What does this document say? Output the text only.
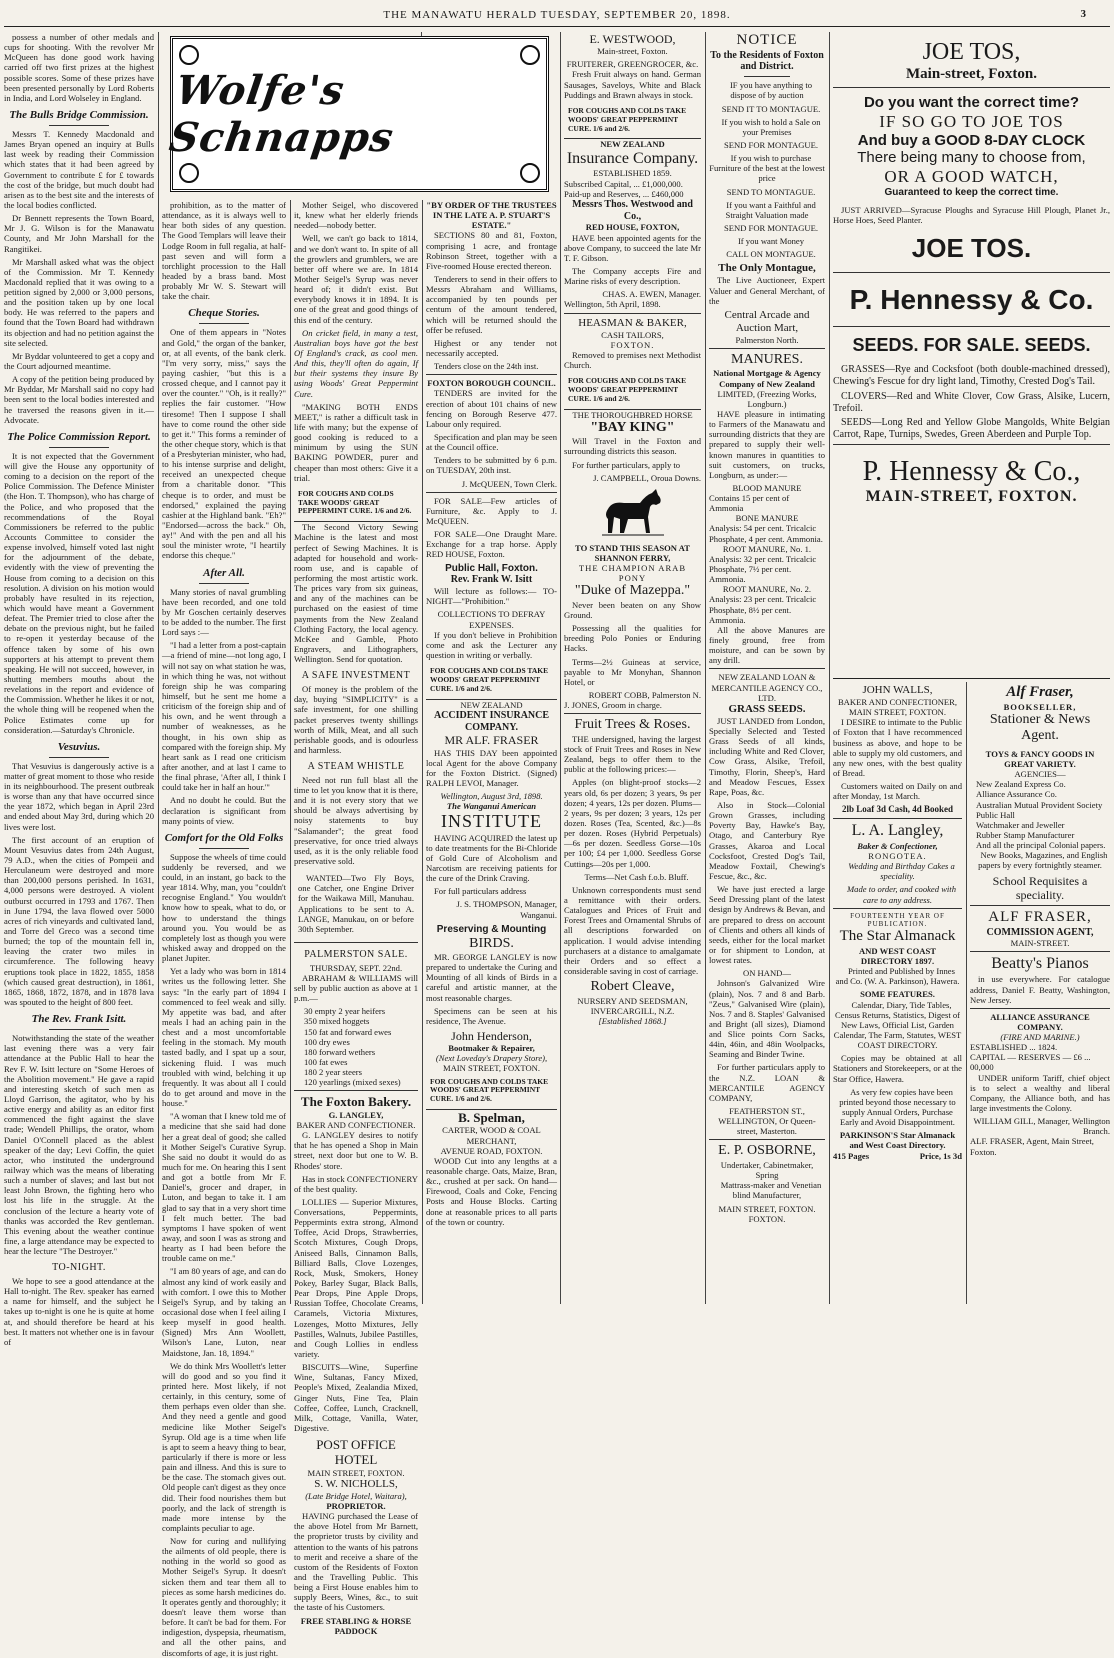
THE MANAWATU HERALD TUESDAY, SEPTEMBER 20, 1898.	3

possess a number of other medals and cups for shooting. With the revolver Mr McQueen has done good work having carried off two first prizes at the highest possible scores. Some of these prizes have been presented personally by Lord Roberts in India, and Lord Wolseley in England.

The Bulls Bridge Commission.

Messrs T. Kennedy Macdonald and James Bryan opened an inquiry at Bulls last week by reading their Commission which states that it had been agreed by Government to contribute £ for £ towards the cost of the bridge, but much doubt had arisen as to the best site and the interests of the local bodies conflicted.

Dr Bennett represents the Town Board, Mr J. G. Wilson is for the Manawatu County, and Mr John Marshall for the Rangitikei.

Mr Marshall asked what was the object of the Commission. Mr T. Kennedy Macdonald replied that it was owing to a petition signed by 2,000 or 3,000 persons, and the position taken up by one local body. He was referred to the papers and found that the Town Board had withdrawn its objection and had no petition against the site selected.

Mr Byddar volunteered to get a copy and the Court adjourned meantime.

A copy of the petition being produced by Mr Byddar, Mr Marshall said no copy had been sent to the local bodies interested and he traversed the reasons given in it.—Advocate.

The Police Commission Report.

It is not expected that the Government will give the House any opportunity of coming to a decision on the report of the Police Commission. The Defence Minister (the Hon. T. Thompson), who has charge of the Police, and who proposed that the recommendations of the Royal Commissioners be referred to the public Accounts Committee to consider the expense involved, himself voted last night for the adjournment of the debate, evidently with the view of preventing the House from coming to a decision on this resolution. A division on his motion would probably have resulted in its rejection, which would have meant a Government defeat. The Premier tried to close after the debate on the previous night, but he failed to re-open it yesterday because of the offence taken by some of his own supporters at his attempt to prevent them speaking. He will not succeed, however, in shutting members mouths about the revelations in the report and evidence of the Commission. Whether he likes it or not, the whole thing will be reopened when the Police Estimates come up for consideration.—Saturday's Chronicle.

Vesuvius.

That Vesuvius is dangerously active is a matter of great moment to those who reside in its neighbourhood. The present outbreak is worse than any that have occurred since the year 1872, which began in April 23rd and ended about May 3rd, during which 20 lives were lost.

The first account of an eruption of Mount Vesuvius dates from 24th August, 79 A.D., when the cities of Pompeii and Herculaneum were destroyed and more than 200,000 persons perished. In 1631, 4,000 persons were destroyed. A violent outburst occurred in 1793 and 1767. Then in June 1794, the lava flowed over 5000 acres of rich vineyards and cultivated land, and Torre del Greco was a second time burned; the top of the mountain fell in, leaving the crater two miles in circumference. The following heavy eruptions took place in 1822, 1855, 1858 (which caused great destruction), in 1861, 1865, 1868, 1872, 1878, and in 1878 lava was spouted to the height of 800 feet.

The Rev. Frank Isitt.

Notwithstanding the state of the weather last evening there was a very fair attendance at the Public Hall to hear the Rev F. W. Isitt lecture on "Some Heroes of the Abolition movement." He gave a rapid and interesting sketch of such men as Lloyd Garrison, the agitator, who by his active energy and ability as an editor first commenced the fight against the slave trade; Wendell Phillips, the orator, whom Daniel O'Connell placed as the ablest speaker of the day; Levi Coffin, the quiet actor, who instituted the underground railway which was the means of liberating such a number of slaves; and last but not least John Brown, the fighting hero who lost his life in the struggle. At the conclusion of the lecture a hearty vote of thanks was accorded the Rev gentleman. This evening about the weather continue fine, a large attendance may be expected to hear the lecture "The Destroyer."

TO-NIGHT.

We hope to see a good attendance at the Hall to-night. The Rev. speaker has earned a name for himself, and the subject he takes up to-night is one he is quite at home at, and should therefore be heard at his best. It matters not whether one is in favour of

Wolfe's Schnapps

prohibition, as to the matter of attendance, as it is always well to hear both sides of any question. The Good Templars will leave their Lodge Room in full regalia, at half-past seven and will form a torchlight procession to the Hall headed by a brass band. Most probably Mr W. S. Stewart will take the chair.

Cheque Stories.

One of them appears in "Notes and Gold," the organ of the banker, or, at all events, of the bank clerk. "I'm very sorry, miss," says the paying cashier, "but this is a crossed cheque, and I cannot pay it over the counter." "Oh, is it really?" replies the fair customer. "How tiresome! Then I suppose I shall have to come round the other side to get it." This forms a reminder of the other cheque story, which is that of a Presbyterian minister, who had, to his intense surprise and delight, received an unexpected cheque from a charitable donor. "This cheque is to order, and must be endorsed," explained the paying cashier at the Highland bank. "Eh?" "Endorsed—across the back." Oh, ay!" And with the pen and all his soul the minister wrote, "I heartily endorse this cheque."

After All.

Many stories of naval grumbling have been recorded, and one told by Mr Goschen certainly deserves to be added to the number. The first Lord says :—

"I had a letter from a post-captain—a friend of mine—not long ago, I will not say on what station he was, in which thing he was, not without foreign ship he was comparing himself, but he sent me home a criticism of the foreign ship and of his own, and he went through a number of weaknesses, as he thought, in his own ship as compared with the foreign ship. My heart sank as I read one criticism after another, and at last I came to the final phrase, 'After all, I think I could take her in half an hour.'"

And no doubt he could. But the declaration is significant from many points of view.

Comfort for the Old Folks

Suppose the wheels of time could suddenly be reversed, and we could, in an instant, go back to the year 1814. Why, man, you "couldn't recognise England." You wouldn't know how to speak, what to do, or how to understand the things around you. You would be as completely lost as though you were whisked away and dropped on the planet Jupiter.

Yet a lady who was born in 1814 writes us the following letter. She says: "In the early part of 1894 I commenced to feel weak and silly. My appetite was bad, and after meals I had an aching pain in the chest and a most uncomfortable feeling in the stomach. My mouth tasted badly, and I spat up a sour, sickening fluid. I was much troubled with wind, belching it up frequently. It was about all I could do to get around and move in the house."

"A woman that I knew told me of a medicine that she said had done her a great deal of good; she called it Mother Seigel's Curative Syrup. She said no doubt it would do as much for me. On hearing this I sent and got a bottle from Mr F. Daniel's, grocer and draper, in Luton, and began to take it. I am glad to say that in a very short time I felt much better. The bad symptoms I have spoken of went away, and soon I was as strong and hearty as I had been before the trouble came on me."

"I am 80 years of age, and can do almost any kind of work easily and with comfort. I owe this to Mother Seigel's Syrup, and by taking an occasional dose when I feel ailing I keep myself in good health. (Signed) Mrs Ann Woollett, Wilson's Lane, Luton, near Maidstone, Jan. 18, 1894."

We do think Mrs Woollett's letter will do good and so you find it printed here. Most likely, if not certainly, in this century, some of them perhaps even older than she. And they need a gentle and good medicine like Mother Seigel's Syrup. Old age is a time when life is apt to seem a heavy thing to bear, particularly if there is more or less pain and illness. And this is sure to be the case. The stomach gives out. Old people can't digest as they once did. Their food nourishes them but poorly, and the lack of strength is made more intense by the complaints peculiar to age.

Now for curing and nullifying the ailments of old people, there is nothing in the world so good as Mother Seigel's Syrup. It doesn't sicken them and tear them all to pieces as some harsh medicines do. It operates gently and thoroughly; it doesn't leave them worse than before. It can't be bad for them. For indigestion, dyspepsia, rheumatism, and all the other pains, and discomforts of age, it is just right.

Mother Seigel, who discovered it, knew what her elderly friends needed—nobody better.

Well, we can't go back to 1814, and we don't want to. In spite of all the growlers and grumblers, we are better off where we are. In 1814 Mother Seigel's Syrup was never heard of; it didn't exist. But everybody knows it in 1894. It is one of the great and good things of this end of the century.

On cricket field, in many a test, Australian boys have got the best Of England's crack, as cool men. And this, they'll often do again, If but their systems they insure By using Woods' Great Peppermint Cure.

"MAKING BOTH ENDS MEET," is rather a difficult task in life with many; but the expense of good cooking is reduced to a minimum by using the SUN BAKING POWDER, purer and cheaper than most others: Give it a trial.

FOR COUGHS AND COLDS TAKE WOODS' GREAT PEPPERMINT CURE. 1/6 and 2/6.

The Second Victory Sewing Machine is the latest and most perfect of Sewing Machines. It is adapted for household and work-room use, and is capable of performing the most artistic work. The prices vary from six guineas, and any of the machines can be purchased on the easiest of time payments from the New Zealand Clothing Factory, the local agency. McKee and Gamble, Photo Engravers, and Lithographers, Wellington. Send for quotation.

A SAFE INVESTMENT

Of money is the problem of the day, buying "SIMPLICITY" is a safe investment, for one shilling packet preserves twenty shillings worth of Milk, Meat, and all such perishable goods, and is odourless and harmless.

A STEAM WHISTLE

Need not run full blast all the time to let you know that it is there, and it is not every story that we should be always advertising by noisy statements to buy "Salamander"; the great food preservative, for once tried always used, as it is the only reliable food preservative sold.

WANTED—Two Fly Boys, one Catcher, one Engine Driver for the Waikawa Mill, Manuhau. Applications to be sent to A. LANGE, Manukau, on or before 30th September.

PALMERSTON SALE.
THURSDAY, SEPT. 22nd.

ABRAHAM & WILLIAMS will sell by public auction as above at 1 p.m.—

30 empty 2 year heifers
350 mixed hoggets
150 fat and forward ewes
100 dry ewes
180 forward wethers
100 fat ewes
180 2 year steers
120 yearlings (mixed sexes)
The Foxton Bakery.
G. LANGLEY,
BAKER AND CONFECTIONER.

G. LANGLEY desires to notify that he has opened a Shop in Main street, next door but one to W. B. Rhodes' store.

Has in stock CONFECTIONERY of the best quality.

LOLLIES — Superior Mixtures, Conversations, Peppermints, Peppermints extra strong, Almond Toffee, Acid Drops, Strawberries, Scotch Mixtures, Cough Drops, Aniseed Balls, Cinnamon Balls, Billiard Balls, Clove Lozenges, Rock, Musk, Smokers, Honey Pokey, Barley Sugar, Black Balls, Pear Drops, Pine Apple Drops, Russian Toffee, Chocolate Creams, Caramels, Victoria Mixtures, Lozenges, Motto Mixtures, Jelly Pastilles, Walnuts, Jubilee Pastilles, and Cough Lollies in endless variety.

BISCUITS—Wine, Superfine Wine, Sultanas, Fancy Mixed, People's Mixed, Zealandia Mixed, Ginger Nuts, Fine Tea, Plain Coffee, Coffee, Lunch, Cracknell, Milk, Cottage, Vanilla, Water, Digestive.

POST OFFICE HOTEL
MAIN STREET, FOXTON.
S. W. NICHOLLS,
(Late Bridge Hotel, Waitara),
PROPRIETOR.

HAVING purchased the Lease of the above Hotel from Mr Barnett, the proprietor trusts by civility and attention to the wants of his patrons to merit and receive a share of the custom of the Residents of Foxton and the Travelling Public. This being a First House enables him to supply Beers, Wines, &c., to suit the taste of his Customers.

FREE STABLING & HORSE PADDOCK
"BY ORDER OF THE TRUSTEES IN THE LATE A. P. STUART'S ESTATE."

SECTIONS 80 and 81, Foxton, comprising 1 acre, and frontage Robinson Street, together with a Five-roomed House erected thereon.

Tenderers to send in their offers to Messrs Abraham and Williams, accompanied by ten pounds per centum of the amount tendered, which will be returned should the offer be refused.

Highest or any tender not necessarily accepted.

Tenders close on the 24th inst.

FOXTON BOROUGH COUNCIL.

TENDERS are invited for the erection of about 101 chains of new fencing on Borough Reserve 477. Labour only required.

Specification and plan may be seen at the Council office.

Tenders to be submitted by 6 p.m. on TUESDAY, 20th inst.

J. McQUEEN, Town Clerk.

FOR SALE—Few articles of Furniture, &c. Apply to J. McQUEEN.

FOR SALE—One Draught Mare. Exchange for a trap horse. Apply RED HOUSE, Foxton.

Public Hall, Foxton.
Rev. Frank W. Isitt

Will lecture as follows:— TO-NIGHT—"Prohibition."

COLLECTIONS TO DEFRAY EXPENSES.

If you don't believe in Prohibition come and ask the Lecturer any question in writing or verbally.

FOR COUGHS AND COLDS TAKE WOODS' GREAT PEPPERMINT CURE. 1/6 and 2/6.
NEW ZEALAND
ACCIDENT INSURANCE COMPANY.
MR ALF. FRASER

HAS THIS DAY been appointed local Agent for the above Company for the Foxton District. (Signed) RALPH LEVOI, Manager.

Wellington, August 3rd, 1898.
The Wanganui American
INSTITUTE

HAVING ACQUIRED the latest up to date treatments for the Bi-Chloride of Gold Cure of Alcoholism and Narcotism are receiving patients for the cure of the Drink Craving.

For full particulars address

J. S. THOMPSON, Manager, Wanganui.
Preserving & Mounting
BIRDS.

MR. GEORGE LANGLEY is now prepared to undertake the Curing and Mounting of all kinds of Birds in a careful and artistic manner, at the most reasonable charges.

Specimens can be seen at his residence, The Avenue.

John Henderson,
Bootmaker & Repairer,
(Next Loveday's Drapery Store),
MAIN STREET, FOXTON.
FOR COUGHS AND COLDS TAKE WOODS' GREAT PEPPERMINT CURE. 1/6 and 2/6.
B. Spelman,
CARTER, WOOD & COAL MERCHANT,
AVENUE ROAD, FOXTON.

WOOD Cut into any lengths at a reasonable charge. Oats, Maize, Bran, &c., crushed at per sack. On hand—Firewood, Coals and Coke, Fencing Posts and House Blocks. Carting done at reasonable prices to all parts of the town or country.

E. WESTWOOD,
Main-street, Foxton.
FRUITERER, GREENGROCER, &c.

Fresh Fruit always on hand. German Sausages, Saveloys, White and Black Puddings and Brawn always in stock.

FOR COUGHS AND COLDS TAKE WOODS' GREAT PEPPERMINT CURE. 1/6 and 2/6.
NEW ZEALAND
Insurance Company.
ESTABLISHED 1859.
Subscribed Capital, ... £1,000,000.
Paid-up and Reserves, ... £460,000
Messrs Thos. Westwood and Co.,
RED HOUSE, FOXTON,

HAVE been appointed agents for the above Company, to succeed the late Mr T. F. Gibson.

The Company accepts Fire and Marine risks of every description.

CHAS. A. EWEN, Manager.
Wellington, 5th April, 1898.
HEASMAN & BAKER,
CASH TAILORS,
FOXTON.

Removed to premises next Methodist Church.

FOR COUGHS AND COLDS TAKE WOODS' GREAT PEPPERMINT CURE. 1/6 and 2/6.
THE THOROUGHBRED HORSE
"BAY KING"

Will Travel in the Foxton and surrounding districts this season.

For further particulars, apply to

J. CAMPBELL, Oroua Downs.
TO STAND THIS SEASON AT SHANNON FERRY,
THE CHAMPION ARAB PONY
"Duke of Mazeppa."

Never been beaten on any Show Ground.

Possessing all the qualities for breeding Polo Ponies or Enduring Hacks.

Terms—2½ Guineas at service, payable to Mr Monyhan, Shannon Hotel, or

ROBERT COBB, Palmerston N.
J. JONES, Groom in charge.
Fruit Trees & Roses.

THE undersigned, having the largest stock of Fruit Trees and Roses in New Zealand, begs to offer them to the public at the following prices:—

Apples (on blight-proof stocks—2 years old, 6s per dozen; 3 years, 9s per dozen; 4 years, 12s per dozen. Plums—2 years, 9s per dozen; 3 years, 12s per dozen. Roses (Tea, Scented, &c.)—8s per dozen. Roses (Hybrid Perpetuals)—6s per dozen. Seedless Gorse—10s per 100; £4 per 1,000. Seedless Gorse Cuttings—20s per 1,000.

Terms—Net Cash f.o.b. Bluff.

Unknown correspondents must send a remittance with their orders. Catalogues and Prices of Fruit and Forest Trees and Ornamental Shrubs of all descriptions forwarded on application. I would advise intending purchasers at a distance to amalgamate their Orders and so effect a considerable saving in cost of carriage.

Robert Cleave,
NURSERY AND SEEDSMAN,
INVERCARGILL, N.Z.
[Established 1868.]
NOTICE
To the Residents of Foxton and District.

IF you have anything to dispose of by auction

SEND IT TO MONTAGUE.

If you wish to hold a Sale on your Premises

SEND FOR MONTAGUE.

If you wish to purchase Furniture of the best at the lowest price

SEND TO MONTAGUE.

If you want a Faithful and Straight Valuation made

SEND FOR MONTAGUE.

If you want Money

CALL ON MONTAGUE.

The Only Montague,

The Live Auctioneer, Expert Valuer and General Merchant, of the

Central Arcade and Auction Mart,
Palmerston North.
MANURES.
National Mortgage & Agency Company of New Zealand
LIMITED, (Freezing Works, Longburn.)

HAVE pleasure in intimating to Farmers of the Manawatu and surrounding districts that they are prepared to supply their well-known manures in quantities to suit customers, on trucks, Longburn, as under:—

BLOOD MANURE
Contains 15 per cent of Ammonia
BONE MANURE
Analysis: 54 per cent. Tricalcic Phosphate, 4 per cent. Ammonia.
ROOT MANURE, No. 1.
Analysis: 32 per cent. Tricalcic Phosphate, 7½ per cent. Ammonia.
ROOT MANURE, No. 2.
Analysis: 23 per cent. Tricalcic Phosphate, 8½ per cent. Ammonia.

All the above Manures are finely ground, free from moisture, and can be sown by any drill.

NEW ZEALAND LOAN & MERCANTILE AGENCY CO., LTD.
GRASS SEEDS.

JUST LANDED from London, Specially Selected and Tested Grass Seeds of all kinds, including White and Red Clover, Cow Grass, Alsike, Trefoil, Timothy, Florin, Sheep's, Hard and Meadow Fescues, Essex Rape, Poas, &c.

Also in Stock—Colonial Grown Grasses, including Poverty Bay, Hawke's Bay, Otago, and Canterbury Rye Grasses, Akaroa and Local Cocksfoot, Crested Dog's Tail, Meadow Foxtail, Chewing's Fescue, &c., &c.

We have just erected a large Seed Dressing plant of the latest design by Andrews & Bevan, and are prepared to dress on account of Clients and others all kinds of seeds, either for the local market or for shipment to London, at lowest rates.

ON HAND—

Johnson's Galvanized Wire (plain), Nos. 7 and 8 and Barb. "Zeus," Galvanised Wire (plain), Nos. 7 and 8. Staples' Galvanised and Bright (all sizes), Diamond and Slice points Corn Sacks, 44in, 46in, and 48in Woolpacks, Seaming and Binder Twine.

For further particulars apply to the N.Z. LOAN & MERCANTILE AGENCY COMPANY,

FEATHERSTON ST., WELLINGTON, Or Queen-street, Masterton.
E. P. OSBORNE,
Undertaker, Cabinetmaker, Spring

Mattrass-maker and Venetian blind Manufacturer,

MAIN STREET, FOXTON.
FOXTON.
JOE TOS,
Main-street, Foxton.
Do you want the correct time?
IF SO GO TO JOE TOS
And buy a GOOD 8-DAY CLOCK
There being many to choose from,
OR A GOOD WATCH,
Guaranteed to keep the correct time.

JUST ARRIVED—Syracuse Ploughs and Syracuse Hill Plough, Planet Jr., Horse Hoes, Seed Planter.

JOE TOS.
P. Hennessy & Co.
SEEDS. FOR SALE. SEEDS.

GRASSES—Rye and Cocksfoot (both double-machined dressed), Chewing's Fescue for dry light land, Timothy, Crested Dog's Tail.

CLOVERS—Red and White Clover, Cow Grass, Alsike, Lucern, Trefoil.

SEEDS—Long Red and Yellow Globe Mangolds, White Belgian Carrot, Rape, Turnips, Swedes, Green Aberdeen and Purple Top.

P. Hennessy & Co.,
MAIN-STREET, FOXTON.
JOHN WALLS,
BAKER AND CONFECTIONER,
MAIN STREET, FOXTON.

I DESIRE to intimate to the Public of Foxton that I have recommenced business as above, and hope to be able to supply my old customers, and any new ones, with the best quality of Bread.

Customers waited on Daily on and after Monday, 1st March.

2lb Loaf 3d Cash, 4d Booked
L. A. Langley,
Baker & Confectioner,
RONGOTEA.

Wedding and Birthday Cakes a speciality.

Made to order, and cooked with care to any address.

FOURTEENTH YEAR OF PUBLICATION.
The Star Almanack
AND WEST COAST DIRECTORY 1897.

Printed and Published by Innes and Co. (W. A. Parkinson), Hawera.

SOME FEATURES.

Calendar, Diary, Tide Tables, Census Returns, Statistics, Digest of New Laws, Official List, Garden Calendar, The Farm, Statutes, WEST COAST DIRECTORY.

Copies may be obtained at all Stationers and Storekeepers, or at the Star Office, Hawera.

As very few copies have been printed beyond those necessary to supply Annual Orders, Purchase Early and Avoid Disappointment.

PARKINSON'S Star Almanack and West Coast Directory.
415 Pages	Price, 1s 3d
Alf Fraser,
BOOKSELLER,
Stationer & News Agent.
TOYS & FANCY GOODS IN GREAT VARIETY.
AGENCIES—
New Zealand Express Co.
Alliance Assurance Co.
Australian Mutual Provident Society
Public Hall
Watchmaker and Jeweller
Rubber Stamp Manufacturer
And all the principal Colonial papers.

New Books, Magazines, and English papers by every fortnightly steamer.

School Requisites a speciality.
ALF FRASER,
COMMISSION AGENT,
MAIN-STREET.
Beatty's Pianos

in use everywhere. For catalogue address, Daniel F. Beatty, Washington, New Jersey.

ALLIANCE ASSURANCE COMPANY.
(FIRE AND MARINE.)
ESTABLISHED ... 1824.
CAPITAL — RESERVES — £6 ... 00,000

UNDER uniform Tariff, chief object is to select a wealthy and liberal Company, the Alliance both, and has large investments the Colony.

WILLIAM GILL, Manager, Wellington Branch.
ALF. FRASER, Agent, Main Street, Foxton.
